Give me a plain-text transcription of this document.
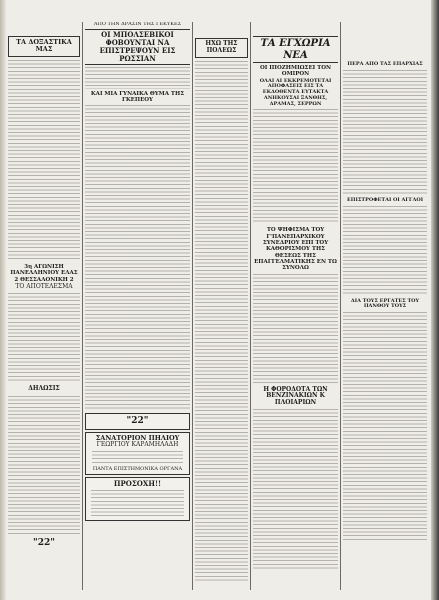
ΤΑ ΔΟΞΑΣΤΙΚΑ ΜΑΣ
3η ΑΓΩΝΙΣΗ ΠΑΝΕΛΛΗΝΙΟΥ ΕΛΑΣ 2 ΘΕΣΣΑΛΟΝΙΚΗ 2
ΤΟ ΑΠΟΤΕΛΕΣΜΑ
ΔΗΛΩΣΙΣ
"22"
ΑΠΟ ΤΗΝ ΔΡΑΣΙΝ ΤΗΣ ΓΕΚΥΚΕΣ
ΟΙ ΜΠΟΛΣΕΒΙΚΟΙ ΦΟΒΟΥΝΤΑΙ ΝΑ ΕΠΙΣΤΡΕΨΟΥΝ ΕΙΣ ΡΩΣΣΙΑΝ
ΚΑΙ ΜΙΑ ΓΥΝΑΙΚΑ ΘΥΜΑ ΤΗΣ ΓΚΕΠΕΟΥ
"22"
ΣΑΝΑΤΟΡΙΟΝ ΠΗΛΙΟΥ
ΓΕΩΡΓΙΟΥ ΚΑΡΑΜΗΛΑΔΗ
ΠΑΝΤΑ ΕΠΙΣΤΗΜΟΝΙΚΑ ΟΡΓΑΝΑ
ΠΡΟΣΟΧΗ!!
ΗΧΩ ΤΗΣ ΠΟΛΕΩΣ
ΤΑ ΕΓΧΩΡΙΑ ΝΕΑ
ΟΙ ΙΠΟΖΗΜΙΩΣΕΙ ΤΟΝ ΟΜΙΡΟΝ
ΟΛΑΙ ΑΙ ΕΚΚΡΕΜΟΤΕΤΑΙ ΑΠΟΦΑΣΕΙΣ ΕΙΣ ΤΑ ΕΚΔΟΘΕΝΤΑ ΕΥΤΑΚΤΑ ΑΝΗΚΟΥΣΑΙ ΞΑΝΘΗΣ, ΔΡΑΜΑΣ, ΣΕΡΡΩΝ
ΤΟ ΨΗΦΙΣΜΑ ΤΟΥ Γ'ΠΑΝΕΠΑΡΧΙΚΟΥ ΣΥΝΕΔΡΙΟΥ ΕΠΙ ΤΟΥ ΚΑΘΟΡΙΣΜΟΥ ΤΗΣ ΘΕΣΕΩΣ ΤΗΣ ΕΠΑΓΓΕΛΜΑΤΙΚΗΣ ΕΝ ΤΩ ΣΥΝΟΛΩ
Η ΦΟΡΟΔΟΤΑ ΤΩΝ ΒΕΝΖΙΝΑΚΙΩΝ Κ ΠΛΟΙΑΡΙΩΝ
ΠΕΡΑ ΑΠΟ ΤΑΣ ΕΠΑΡΧΙΑΣ
ΕΠΙΣΤΡΟΦΕΤΑΙ ΟΙ ΑΓΓΛΟΙ
ΔΙΑ ΤΟΥΣ ΕΡΓΑΤΕΣ ΤΟΥ ΠΑΝΘΟΥ ΤΟΥΣ
